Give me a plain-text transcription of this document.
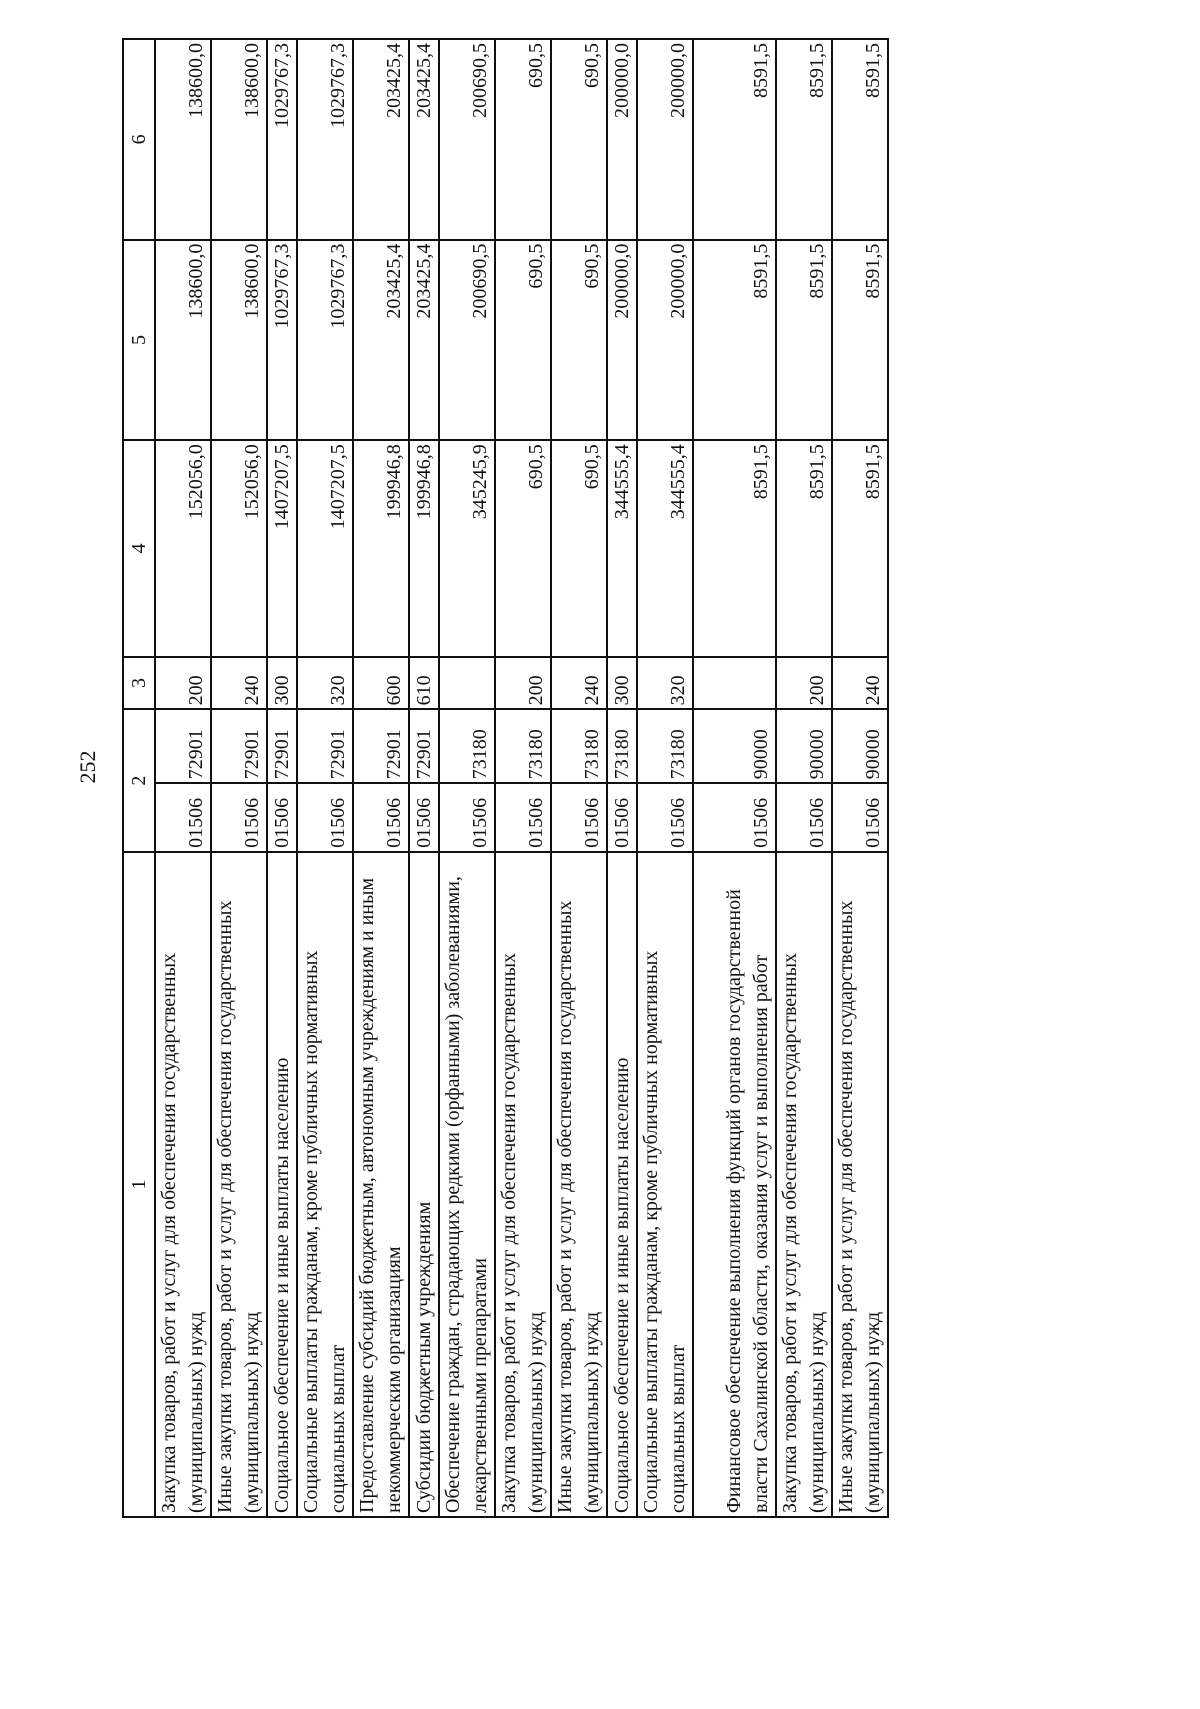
252
1	2		3	4	5	6
Закупка товаров, работ и услуг для обеспечения государственных (муниципальных) нужд	01506	72901	200	152056,0	138600,0	138600,0
Иные закупки товаров, работ и услуг для обеспечения государственных (муниципальных) нужд	01506	72901	240	152056,0	138600,0	138600,0
Социальное обеспечение и иные выплаты населению	01506	72901	300	1407207,5	1029767,3	1029767,3
Социальные выплаты гражданам, кроме публичных нормативных социальных выплат	01506	72901	320	1407207,5	1029767,3	1029767,3
Предоставление субсидий бюджетным, автономным учреждениям и иным некоммерческим организациям	01506	72901	600	199946,8	203425,4	203425,4
Субсидии бюджетным учреждениям	01506	72901	610	199946,8	203425,4	203425,4
Обеспечение граждан, страдающих редкими (орфанными) заболеваниями, лекарственными препаратами	01506	73180		345245,9	200690,5	200690,5
Закупка товаров, работ и услуг для обеспечения государственных (муниципальных) нужд	01506	73180	200	690,5	690,5	690,5
Иные закупки товаров, работ и услуг для обеспечения государственных (муниципальных) нужд	01506	73180	240	690,5	690,5	690,5
Социальное обеспечение и иные выплаты населению	01506	73180	300	344555,4	200000,0	200000,0
Социальные выплаты гражданам, кроме публичных нормативных социальных выплат	01506	73180	320	344555,4	200000,0	200000,0
Финансовое обеспечение выполнения функций органов государственной власти Сахалинской области, оказания услуг и выполнения работ	01506	90000		8591,5	8591,5	8591,5
Закупка товаров, работ и услуг для обеспечения государственных (муниципальных) нужд	01506	90000	200	8591,5	8591,5	8591,5
Иные закупки товаров, работ и услуг для обеспечения государственных (муниципальных) нужд	01506	90000	240	8591,5	8591,5	8591,5
